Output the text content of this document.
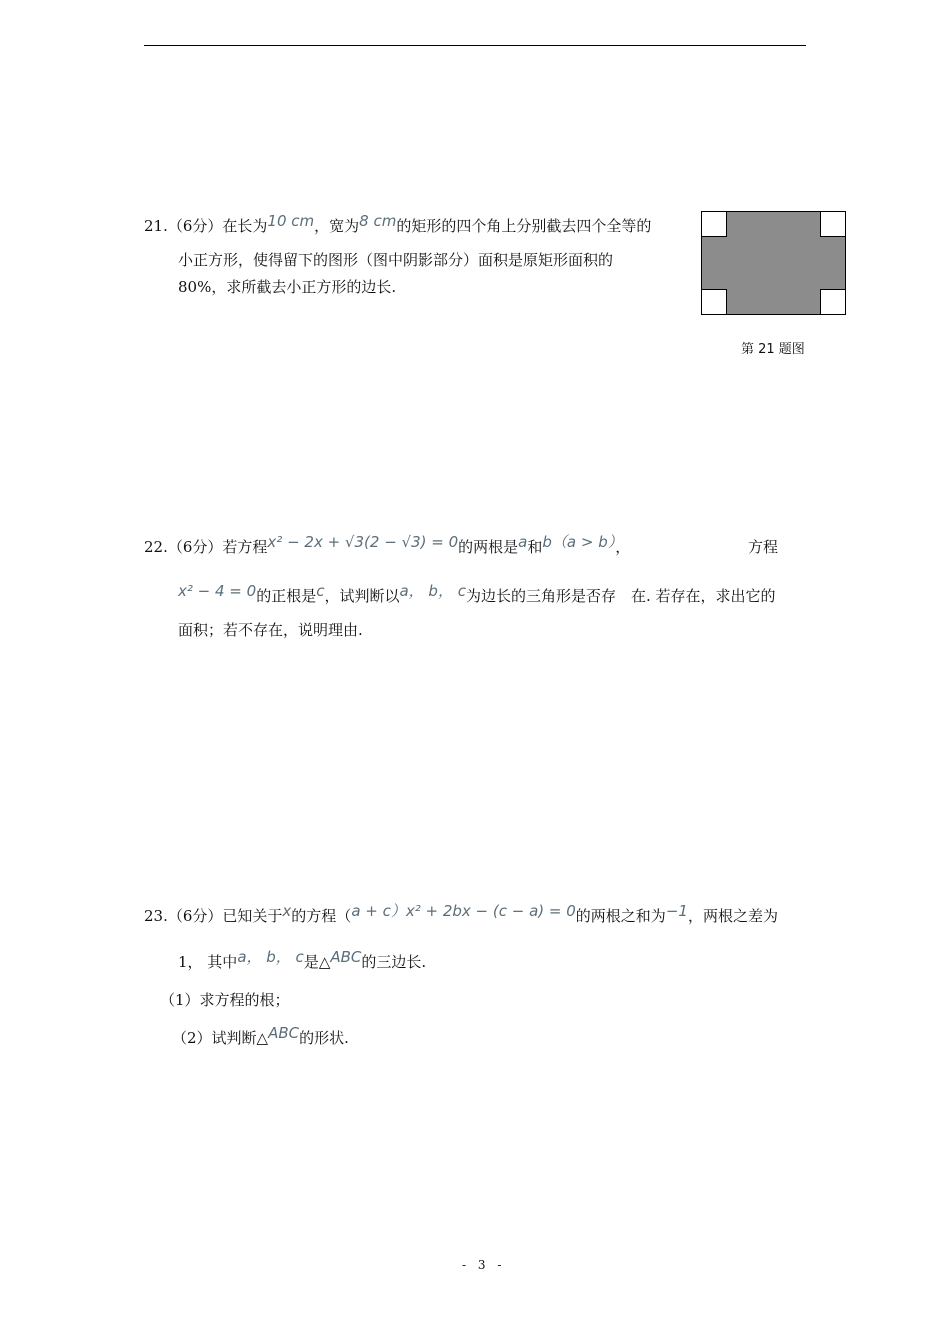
21.（6分）在长为10 cm，宽为8 cm的矩形的四个角上分别截去四个全等的
小正方形，使得留下的图形（图中阴影部分）面积是原矩形面积的
80%，求所截去小正方形的边长.
第 21 题图
22.（6分）若方程x² − 2x + √3(2 − √3) = 0的两根是a和b（a > b），	方程
x² − 4 = 0的正根是c，试判断以a， b， c为边长的三角形是否存　在. 若存在，求出它的
面积；若不存在，说明理由.
23.（6分）已知关于x的方程（a + c）x² + 2bx − (c − a) = 0的两根之和为−1，两根之差为
1， 其中a， b， c是△ABC的三边长.
（1）求方程的根；
（2）试判断△ABC的形状.
- 3 -
